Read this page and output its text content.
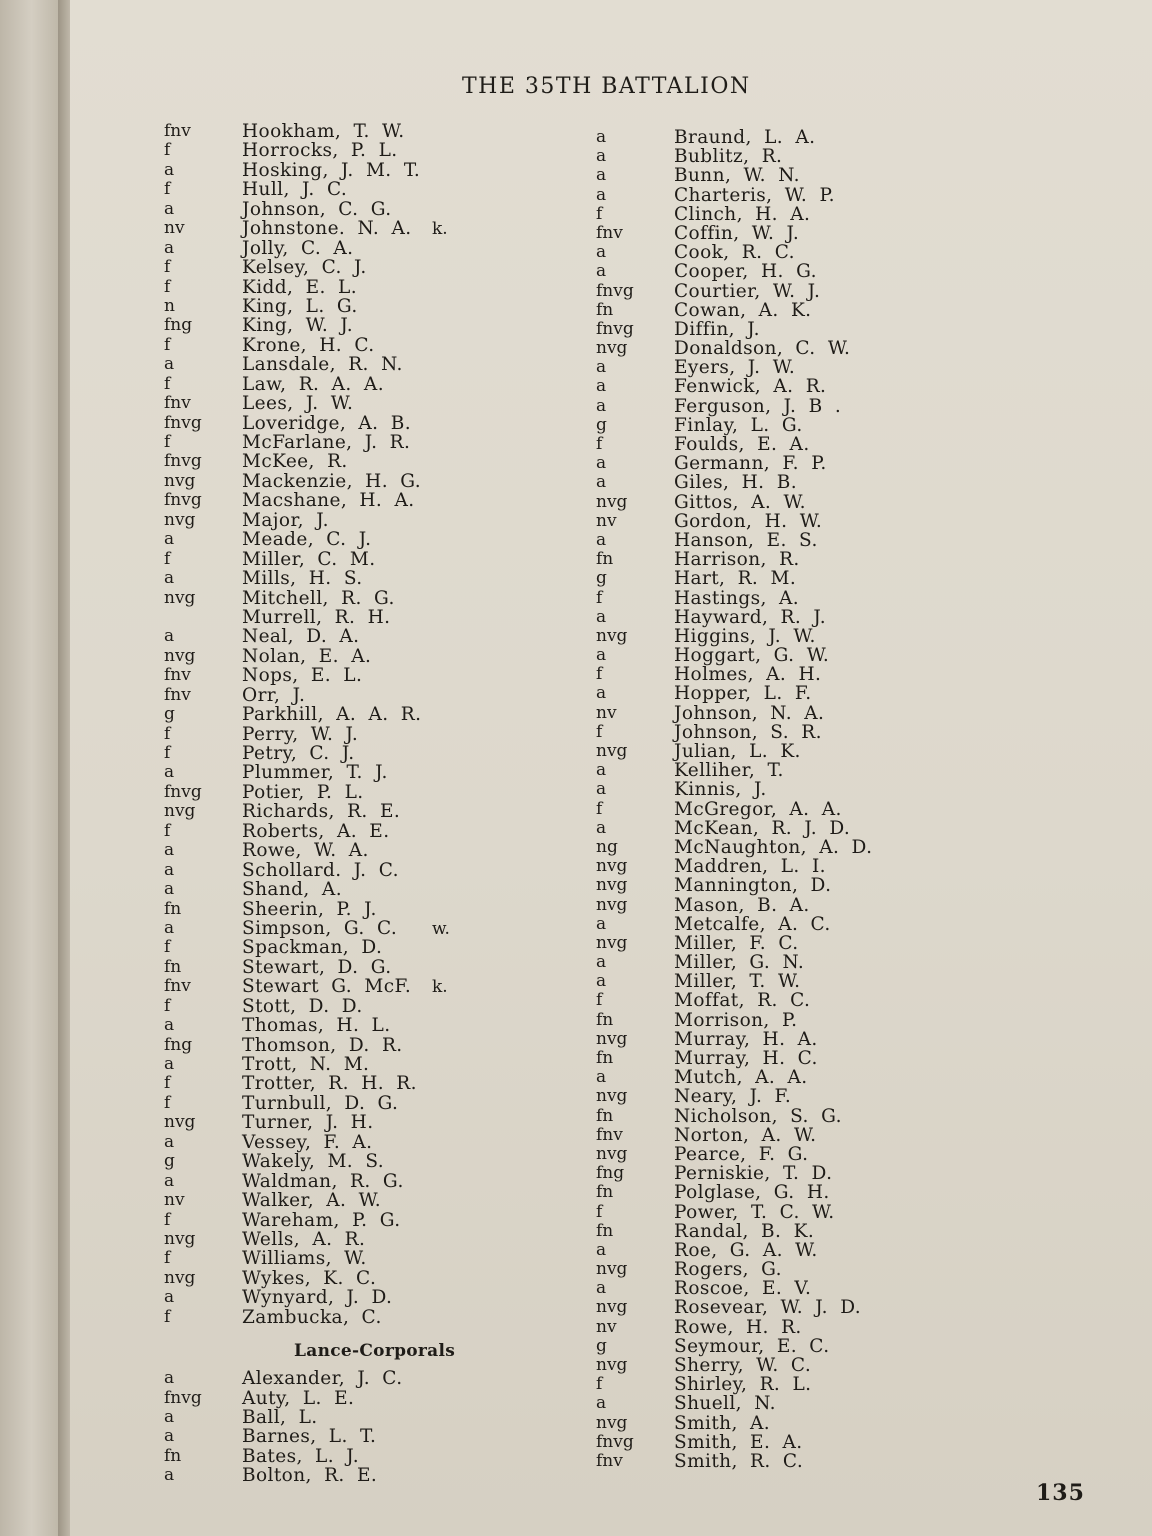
THE 35TH BATTALION
135
fnv	Hookham, T. W.
f	Horrocks, P. L.
a	Hosking, J. M. T.
f	Hull, J. C.
a	Johnson, C. G.
nv	Johnstone. N. A. k.
a	Jolly, C. A.
f	Kelsey, C. J.
f	Kidd, E. L.
n	King, L. G.
fng	King, W. J.
f	Krone, H. C.
a	Lansdale, R. N.
f	Law, R. A. A.
fnv	Lees, J. W.
fnvg	Loveridge, A. B.
f	McFarlane, J. R.
fnvg	McKee, R.
nvg	Mackenzie, H. G.
fnvg	Macshane, H. A.
nvg	Major, J.
a	Meade, C. J.
f	Miller, C. M.
a	Mills, H. S.
nvg	Mitchell, R. G.
Murrell, R. H.
a	Neal, D. A.
nvg	Nolan, E. A.
fnv	Nops, E. L.
fnv	Orr, J.
g	Parkhill, A. A. R.
f	Perry, W. J.
f	Petry, C. J.
a	Plummer, T. J.
fnvg	Potier, P. L.
nvg	Richards, R. E.
f	Roberts, A. E.
a	Rowe, W. A.
a	Schollard. J. C.
a	Shand, A.
fn	Sheerin, P. J.
a	Simpson, G. C. w.
f	Spackman, D.
fn	Stewart, D. G.
fnv	Stewart G. McF. k.
f	Stott, D. D.
a	Thomas, H. L.
fng	Thomson, D. R.
a	Trott, N. M.
f	Trotter, R. H. R.
f	Turnbull, D. G.
nvg	Turner, J. H.
a	Vessey, F. A.
g	Wakely, M. S.
a	Waldman, R. G.
nv	Walker, A. W.
f	Wareham, P. G.
nvg	Wells, A. R.
f	Williams, W.
nvg	Wykes, K. C.
a	Wynyard, J. D.
f	Zambucka, C.
Lance-Corporals
a	Alexander, J. C.
fnvg	Auty, L. E.
a	Ball, L.
a	Barnes, L. T.
fn	Bates, L. J.
a	Bolton, R. E.
a	Braund, L. A.
a	Bublitz, R.
a	Bunn, W. N.
a	Charteris, W. P.
f	Clinch, H. A.
fnv	Coffin, W. J.
a	Cook, R. C.
a	Cooper, H. G.
fnvg	Courtier, W. J.
fn	Cowan, A. K.
fnvg	Diffin, J.
nvg	Donaldson, C. W.
a	Eyers, J. W.
a	Fenwick, A. R.
a	Ferguson, J. B .
g	Finlay, L. G.
f	Foulds, E. A.
a	Germann, F. P.
a	Giles, H. B.
nvg	Gittos, A. W.
nv	Gordon, H. W.
a	Hanson, E. S.
fn	Harrison, R.
g	Hart, R. M.
f	Hastings, A.
a	Hayward, R. J.
nvg	Higgins, J. W.
a	Hoggart, G. W.
f	Holmes, A. H.
a	Hopper, L. F.
nv	Johnson, N. A.
f	Johnson, S. R.
nvg	Julian, L. K.
a	Kelliher, T.
a	Kinnis, J.
f	McGregor, A. A.
a	McKean, R. J. D.
ng	McNaughton, A. D.
nvg	Maddren, L. I.
nvg	Mannington, D.
nvg	Mason, B. A.
a	Metcalfe, A. C.
nvg	Miller, F. C.
a	Miller, G. N.
a	Miller, T. W.
f	Moffat, R. C.
fn	Morrison, P.
nvg	Murray, H. A.
fn	Murray, H. C.
a	Mutch, A. A.
nvg	Neary, J. F.
fn	Nicholson, S. G.
fnv	Norton, A. W.
nvg	Pearce, F. G.
fng	Perniskie, T. D.
fn	Polglase, G. H.
f	Power, T. C. W.
fn	Randal, B. K.
a	Roe, G. A. W.
nvg	Rogers, G.
a	Roscoe, E. V.
nvg	Rosevear, W. J. D.
nv	Rowe, H. R.
g	Seymour, E. C.
nvg	Sherry, W. C.
f	Shirley, R. L.
a	Shuell, N.
nvg	Smith, A.
fnvg	Smith, E. A.
fnv	Smith, R. C.
